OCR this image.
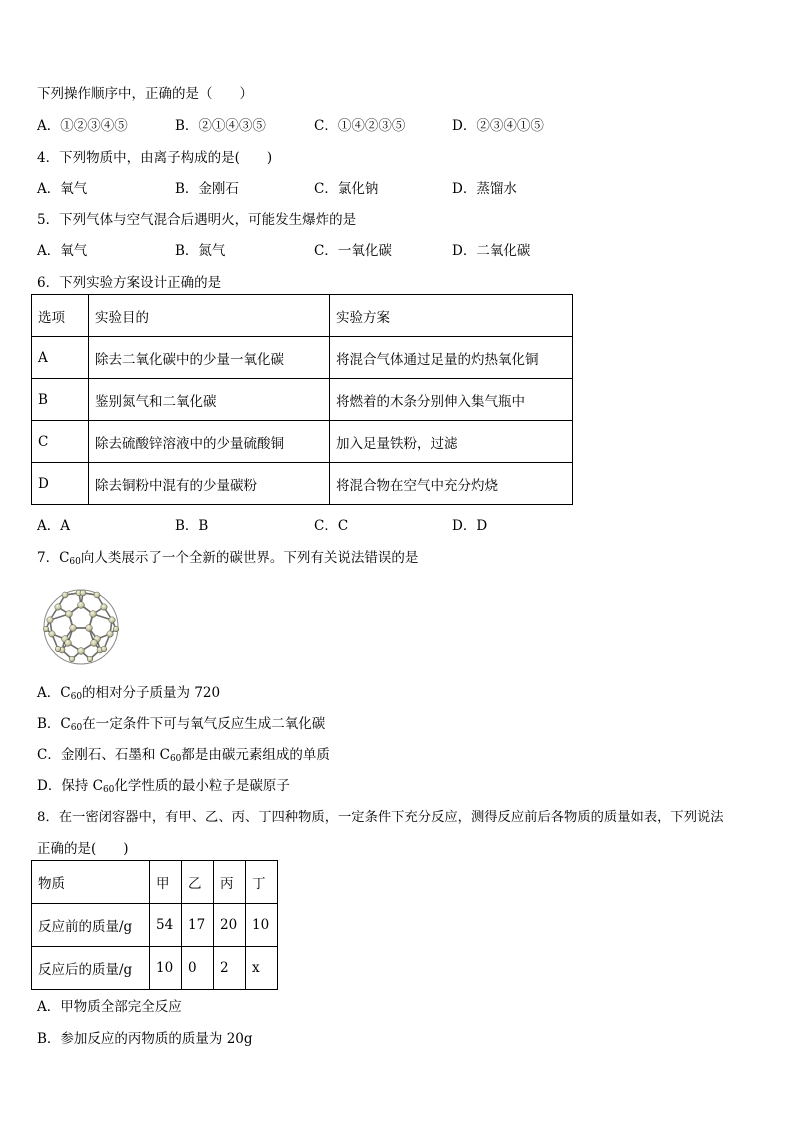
下列操作顺序中，正确的是（　　）
A．①②③④⑤	B．②①④③⑤	C．①④②③⑤	D．②③④①⑤
4．下列物质中，由离子构成的是(　　)
A．氧气	B．金刚石	C．氯化钠	D．蒸馏水
5．下列气体与空气混合后遇明火，可能发生爆炸的是
A．氧气	B．氮气	C．一氧化碳	D．二氧化碳
6．下列实验方案设计正确的是
选项	实验目的	实验方案
A	除去二氧化碳中的少量一氧化碳	将混合气体通过足量的灼热氧化铜
B	鉴别氮气和二氧化碳	将燃着的木条分别伸入集气瓶中
C	除去硫酸锌溶液中的少量硫酸铜	加入足量铁粉，过滤
D	除去铜粉中混有的少量碳粉	将混合物在空气中充分灼烧
A．A	B．B	C．C	D．D
7．$C_{60}$向人类展示了一个全新的碳世界。下列有关说法错误的是
A．$C_{60}$的相对分子质量为 720
B．$C_{60}$在一定条件下可与氧气反应生成二氧化碳
C．金刚石、石墨和 $C_{60}$都是由碳元素组成的单质
D．保持 $C_{60}$化学性质的最小粒子是碳原子
8．在一密闭容器中，有甲、乙、丙、丁四种物质，一定条件下充分反应，测得反应前后各物质的质量如表，下列说法
正确的是(　　)
物质	甲	乙	丙	丁
反应前的质量/g	54	17	20	10
反应后的质量/g	10	0	2	x
A．甲物质全部完全反应
B．参加反应的丙物质的质量为 20g
